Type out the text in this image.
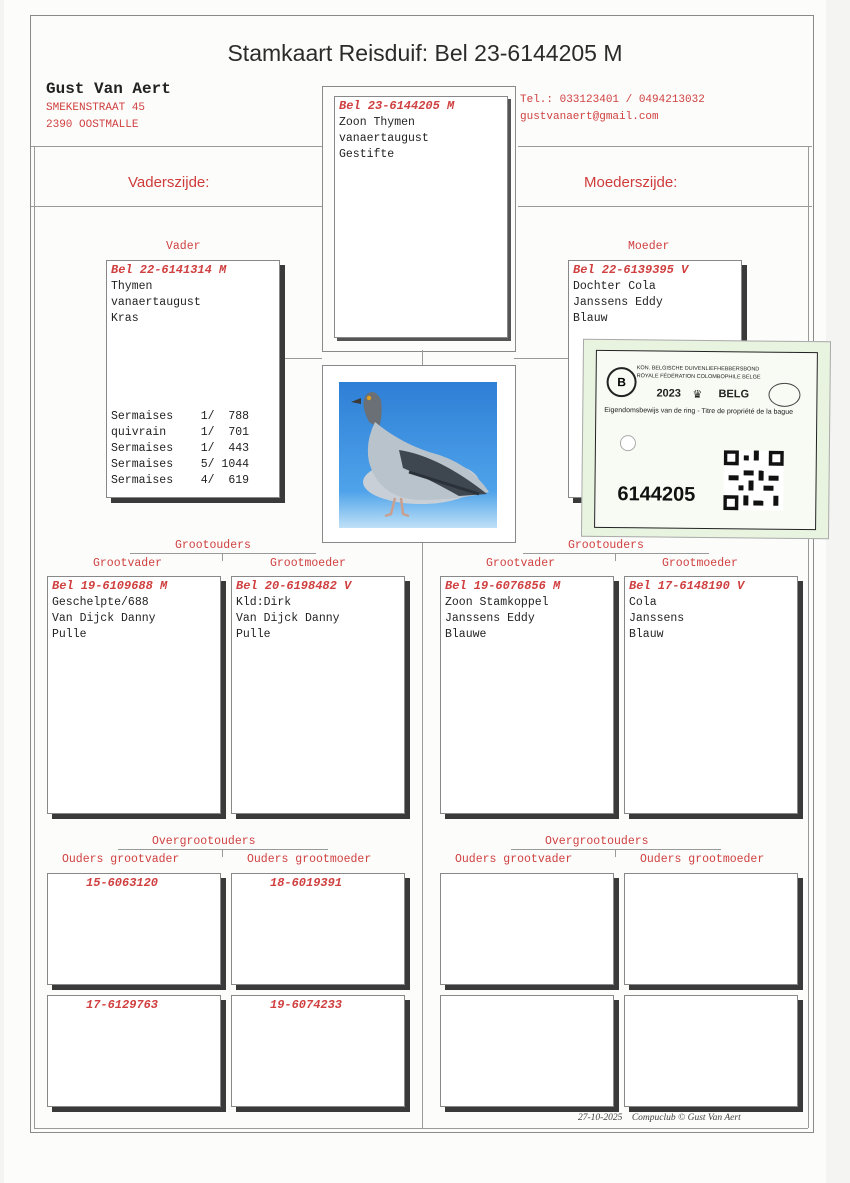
Stamkaart Reisduif: Bel 23-6144205 M
Gust Van Aert
SMEKENSTRAAT 45
2390 OOSTMALLE
Tel.: 033123401 / 0494213032
gustvanaert@gmail.com
Vaderszijde:	Moederszijde:
Bel 23-6144205 M
Zoon Thymen
vanaertaugust
Gestifte
Vader
Bel 22-6141314 M
Thymen
vanaertaugust
Kras
Sermaises    1/  788
quivrain     1/  701
Sermaises    1/  443
Sermaises    5/ 1044
Sermaises    4/  619
Moeder
Bel 22-6139395 V
Dochter Cola
Janssens Eddy
Blauw
B
KON. BELGISCHE DUIVENLIEFHEBBERSBOND
ROYALE FÉDÉRATION COLOMBOPHILE BELGE
2023 ♛ BELG
Eigendomsbewijs van de ring - Titre de propriété de la bague
6144205
Grootouders
Grootvader	Grootmoeder
Grootouders
Grootvader	Grootmoeder
Bel 19-6109688 M
Geschelpte/688
Van Dijck Danny
Pulle
Bel 20-6198482 V
Kld:Dirk
Van Dijck Danny
Pulle
Bel 19-6076856 M
Zoon Stamkoppel
Janssens Eddy
Blauwe
Bel 17-6148190 V
Cola
Janssens
Blauw
Overgrootouders
Ouders grootvader	Ouders grootmoeder
Overgrootouders
Ouders grootvader	Ouders grootmoeder
15-6063120	18-6019391
17-6129763	19-6074233
27-10-2025    Compuclub © Gust Van Aert
